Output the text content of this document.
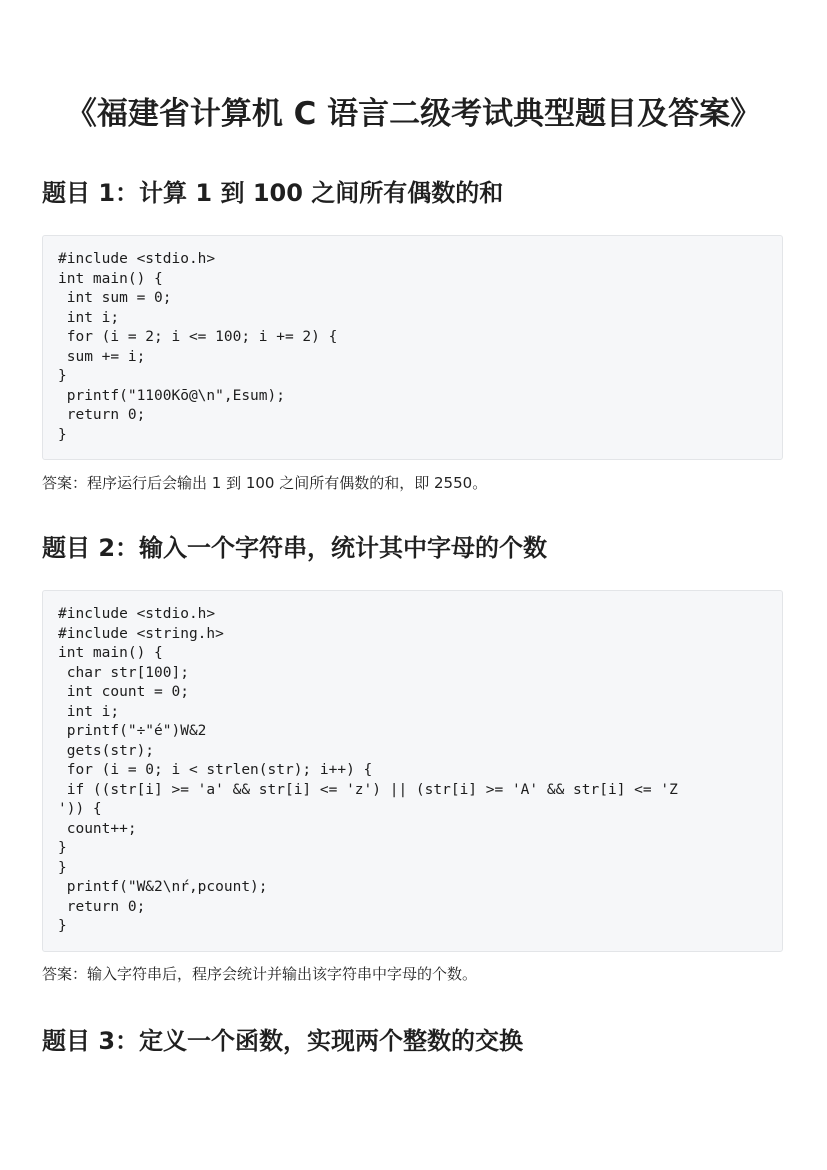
《福建省计算机 C 语言二级考试典型题目及答案》
题目 1：计算 1 到 100 之间所有偶数的和
#include <stdio.h>
int main() {
int sum = 0;
int i;
for (i = 2; i <= 100; i += 2) {
sum += i;
}
printf("1100Kō@\n",Esum);
return 0;
}
答案：程序运行后会输出 1 到 100 之间所有偶数的和，即 2550。
题目 2：输入一个字符串，统计其中字母的个数
#include <stdio.h>
#include <string.h>
int main() {
char str[100];
int count = 0;
int i;
printf("÷"é")W&2
gets(str);
for (i = 0; i < strlen(str); i++) {
if ((str[i] >= 'a' && str[i] <= 'z') || (str[i] >= 'A' && str[i] <= 'Z
')) {
count++;
}
}
printf("W&2\nŕ,pcount);
return 0;
}
答案：输入字符串后，程序会统计并输出该字符串中字母的个数。
题目 3：定义一个函数，实现两个整数的交换
